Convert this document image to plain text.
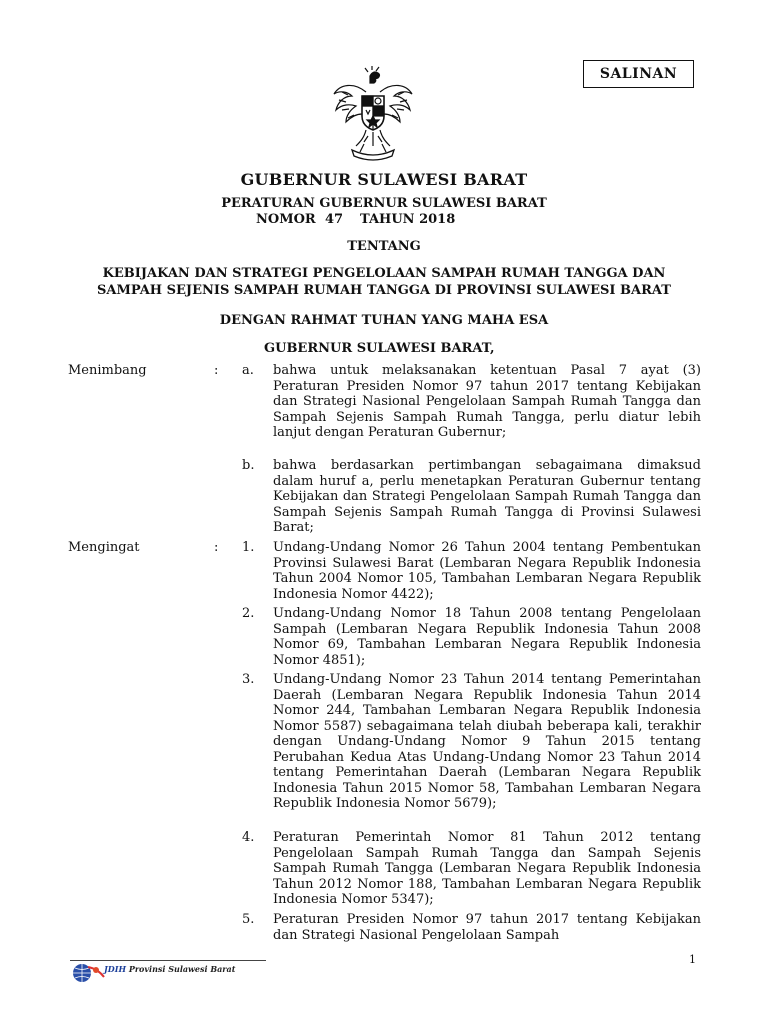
SALINAN
GUBERNUR SULAWESI BARAT
PERATURAN GUBERNUR SULAWESI BARAT
NOMOR 47 TAHUN 2018
TENTANG
KEBIJAKAN DAN STRATEGI PENGELOLAAN SAMPAH RUMAH TANGGA DAN
SAMPAH SEJENIS SAMPAH RUMAH TANGGA DI PROVINSI SULAWESI BARAT
DENGAN RAHMAT TUHAN YANG MAHA ESA
GUBERNUR SULAWESI BARAT,
Menimbang	: a.	bahwa untuk melaksanakan ketentuan Pasal 7 ayat (3) Peraturan Presiden Nomor 97 tahun 2017 tentang Kebijakan dan Strategi Nasional Pengelolaan Sampah Rumah Tangga dan Sampah Sejenis Sampah Rumah Tangga, perlu diatur lebih lanjut dengan Peraturan Gubernur;
b.	bahwa berdasarkan pertimbangan sebagaimana dimaksud dalam huruf a, perlu menetapkan Peraturan Gubernur tentang Kebijakan dan Strategi Pengelolaan Sampah Rumah Tangga dan Sampah Sejenis Sampah Rumah Tangga di Provinsi Sulawesi Barat;
Mengingat	: 1.	Undang-Undang Nomor 26 Tahun 2004 tentang Pembentukan Provinsi Sulawesi Barat (Lembaran Negara Republik Indonesia Tahun 2004 Nomor 105, Tambahan Lembaran Negara Republik Indonesia Nomor 4422);
2.	Undang-Undang Nomor 18 Tahun 2008 tentang Pengelolaan Sampah (Lembaran Negara Republik Indonesia Tahun 2008 Nomor 69, Tambahan Lembaran Negara Republik Indonesia Nomor 4851);
3.	Undang-Undang Nomor 23 Tahun 2014 tentang Pemerintahan Daerah (Lembaran Negara Republik Indonesia Tahun 2014 Nomor 244, Tambahan Lembaran Negara Republik Indonesia Nomor 5587) sebagaimana telah diubah beberapa kali, terakhir dengan Undang-Undang Nomor 9 Tahun 2015 tentang Perubahan Kedua Atas Undang-Undang Nomor 23 Tahun 2014 tentang Pemerintahan Daerah (Lembaran Negara Republik Indonesia Tahun 2015 Nomor 58, Tambahan Lembaran Negara Republik Indonesia Nomor 5679);
4.	Peraturan Pemerintah Nomor 81 Tahun 2012 tentang Pengelolaan Sampah Rumah Tangga dan Sampah Sejenis Sampah Rumah Tangga (Lembaran Negara Republik Indonesia Tahun 2012 Nomor 188, Tambahan Lembaran Negara Republik Indonesia Nomor 5347);
5.	Peraturan Presiden Nomor 97 tahun 2017 tentang Kebijakan dan Strategi Nasional Pengelolaan Sampah
JDIH Provinsi Sulawesi Barat
1
